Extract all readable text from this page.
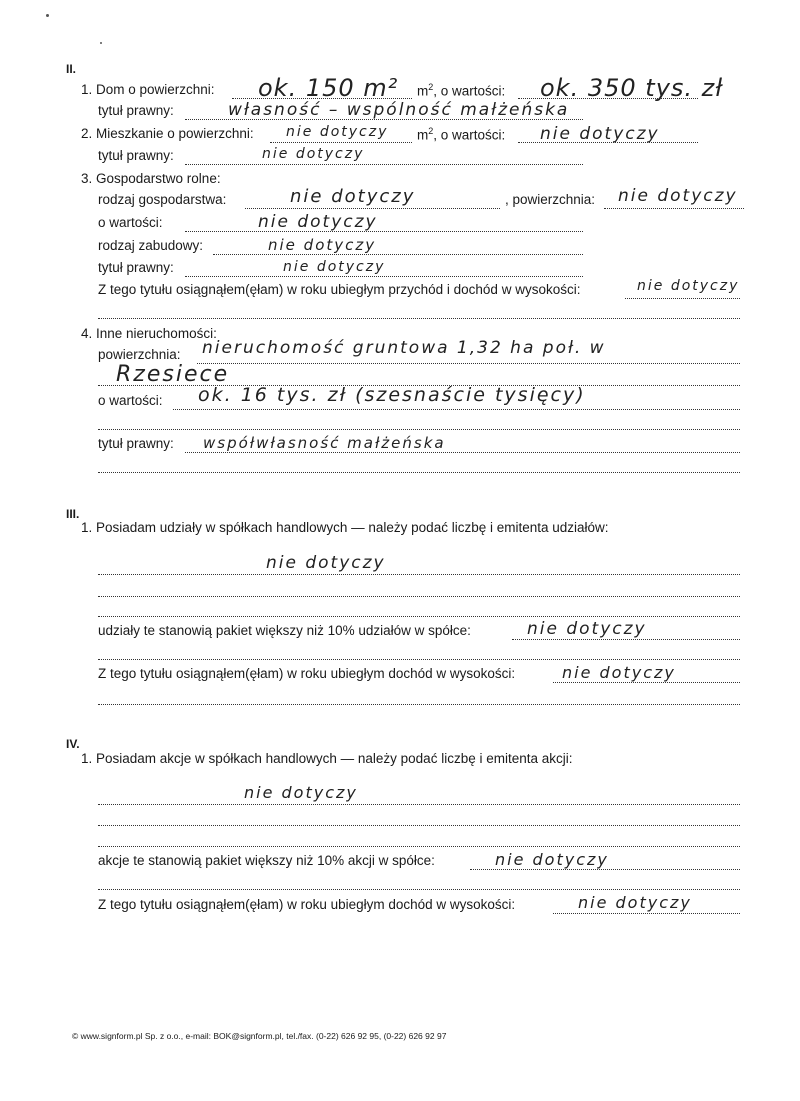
II.
1. Dom o powierzchni: ok. 150 m² $m^2$, o wartości: ok. 350 tys. zł
tytuł prawny:	własność – wspólność małżeńska
2. Mieszkanie o powierzchni: nie dotyczy $m^2$, o wartości: nie dotyczy
tytuł prawny:	nie dotyczy
3. Gospodarstwo rolne:
rodzaj gospodarstwa:	nie dotyczy	, powierzchnia: nie dotyczy
o wartości:	nie dotyczy
rodzaj zabudowy:	nie dotyczy
tytuł prawny:	nie dotyczy
Z tego tytułu osiągnąłem(ęłam) w roku ubiegłym przychód i dochód w wysokości:	nie dotyczy
4. Inne nieruchomości:
powierzchnia: nieruchomość gruntowa 1,32 ha poł. w
Rzesiece
o wartości: ok. 16 tys. zł (szesnaście tysięcy)
tytuł prawny: współwłasność małżeńska
III.
1. Posiadam udziały w spółkach handlowych — należy podać liczbę i emitenta udziałów:
nie dotyczy
udziały te stanowią pakiet większy niż 10% udziałów w spółce:	nie dotyczy
Z tego tytułu osiągnąłem(ęłam) w roku ubiegłym dochód w wysokości:	nie dotyczy
IV.
1. Posiadam akcje w spółkach handlowych — należy podać liczbę i emitenta akcji:
nie dotyczy
akcje te stanowią pakiet większy niż 10% akcji w spółce:	nie dotyczy
Z tego tytułu osiągnąłem(ęłam) w roku ubiegłym dochód w wysokości:	nie dotyczy
© www.signform.pl Sp. z o.o., e-mail: BOK@signform.pl, tel./fax. (0-22) 626 92 95, (0-22) 626 92 97
